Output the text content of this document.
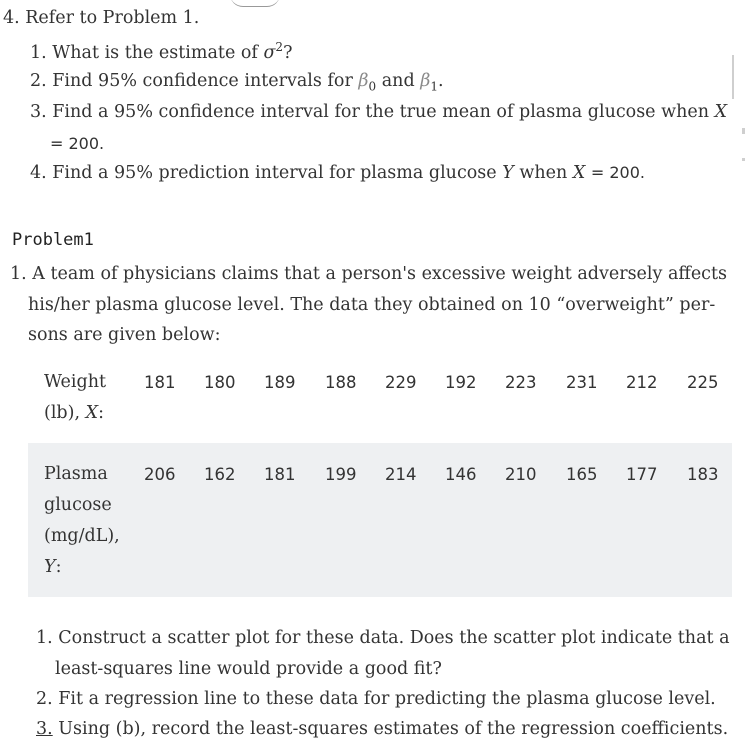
4. Refer to Problem 1.
1. What is the estimate of $\sigma^2$?
2. Find 95% confidence intervals for $\beta_0$ and $\beta_1$.
3. Find a 95% confidence interval for the true mean of plasma glucose when X
= 200.
4. Find a 95% prediction interval for plasma glucose Y when X = 200.
Problem1
1. A team of physicians claims that a person's excessive weight adversely affects
his/her plasma glucose level. The data they obtained on 10 “overweight” per-
sons are given below:
Weight
(lb), X:
181 180 189 188 229 192 223 231 212 225
Plasma
glucose
(mg/dL),
Y:
206 162 181 199 214 146 210 165 177 183
1. Construct a scatter plot for these data. Does the scatter plot indicate that a
least-squares line would provide a good fit?
2. Fit a regression line to these data for predicting the plasma glucose level.
3. Using (b), record the least-squares estimates of the regression coefficients.
